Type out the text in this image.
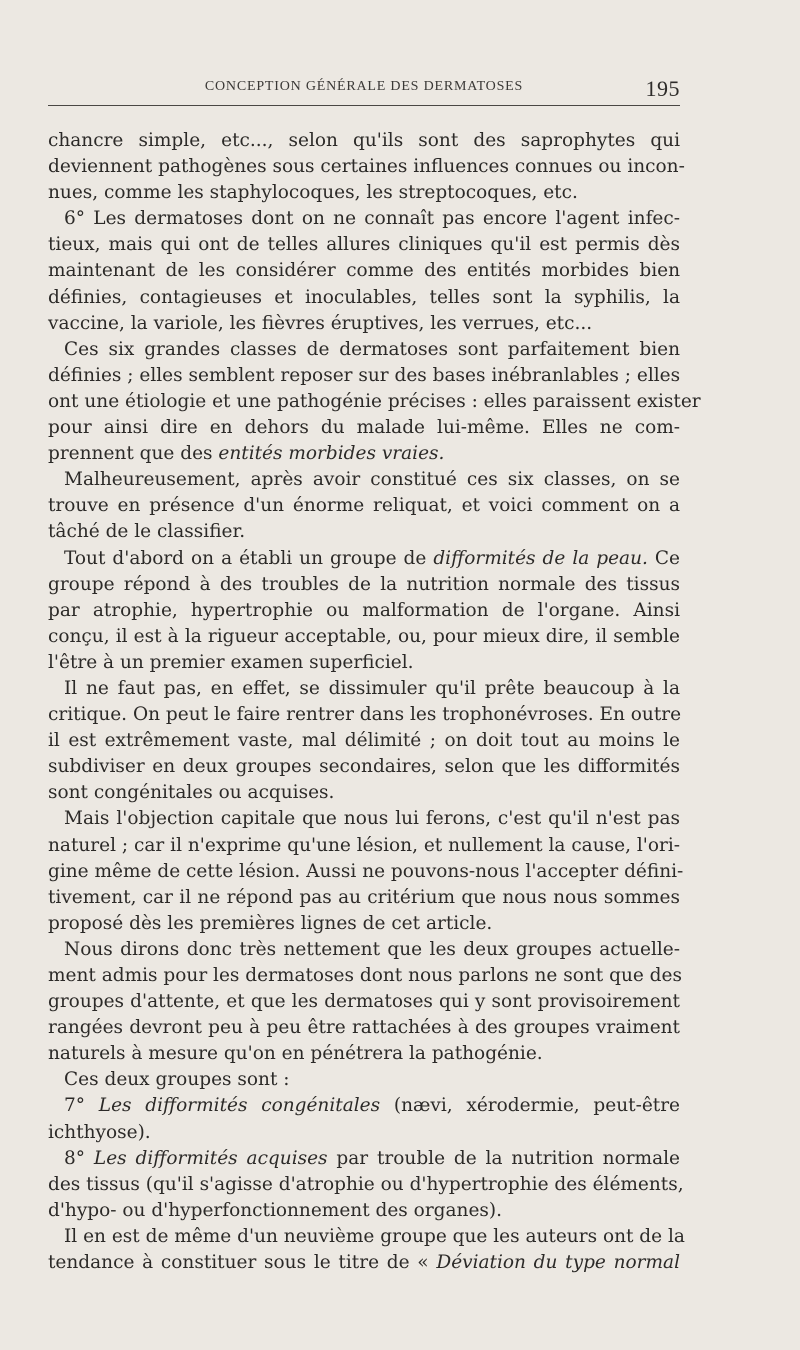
CONCEPTION GÉNÉRALE DES DERMATOSES	195
chancre simple, etc..., selon qu'ils sont des saprophytes qui
deviennent pathogènes sous certaines influences connues ou incon-
nues, comme les staphylocoques, les streptocoques, etc.
6° Les dermatoses dont on ne connaît pas encore l'agent infec-
tieux, mais qui ont de telles allures cliniques qu'il est permis dès
maintenant de les considérer comme des entités morbides bien
définies, contagieuses et inoculables, telles sont la syphilis, la
vaccine, la variole, les fièvres éruptives, les verrues, etc...
Ces six grandes classes de dermatoses sont parfaitement bien
définies ; elles semblent reposer sur des bases inébranlables ; elles
ont une étiologie et une pathogénie précises : elles paraissent exister
pour ainsi dire en dehors du malade lui-même. Elles ne com-
prennent que des entités morbides vraies.
Malheureusement, après avoir constitué ces six classes, on se
trouve en présence d'un énorme reliquat, et voici comment on a
tâché de le classifier.
Tout d'abord on a établi un groupe de difformités de la peau. Ce
groupe répond à des troubles de la nutrition normale des tissus
par atrophie, hypertrophie ou malformation de l'organe. Ainsi
conçu, il est à la rigueur acceptable, ou, pour mieux dire, il semble
l'être à un premier examen superficiel.
Il ne faut pas, en effet, se dissimuler qu'il prête beaucoup à la
critique. On peut le faire rentrer dans les trophonévroses. En outre
il est extrêmement vaste, mal délimité ; on doit tout au moins le
subdiviser en deux groupes secondaires, selon que les difformités
sont congénitales ou acquises.
Mais l'objection capitale que nous lui ferons, c'est qu'il n'est pas
naturel ; car il n'exprime qu'une lésion, et nullement la cause, l'ori-
gine même de cette lésion. Aussi ne pouvons-nous l'accepter défini-
tivement, car il ne répond pas au critérium que nous nous sommes
proposé dès les premières lignes de cet article.
Nous dirons donc très nettement que les deux groupes actuelle-
ment admis pour les dermatoses dont nous parlons ne sont que des
groupes d'attente, et que les dermatoses qui y sont provisoirement
rangées devront peu à peu être rattachées à des groupes vraiment
naturels à mesure qu'on en pénétrera la pathogénie.
Ces deux groupes sont :
7° Les difformités congénitales (nævi, xérodermie, peut-être
ichthyose).
8° Les difformités acquises par trouble de la nutrition normale
des tissus (qu'il s'agisse d'atrophie ou d'hypertrophie des éléments,
d'hypo- ou d'hyperfonctionnement des organes).
Il en est de même d'un neuvième groupe que les auteurs ont de la
tendance à constituer sous le titre de « Déviation du type normal
